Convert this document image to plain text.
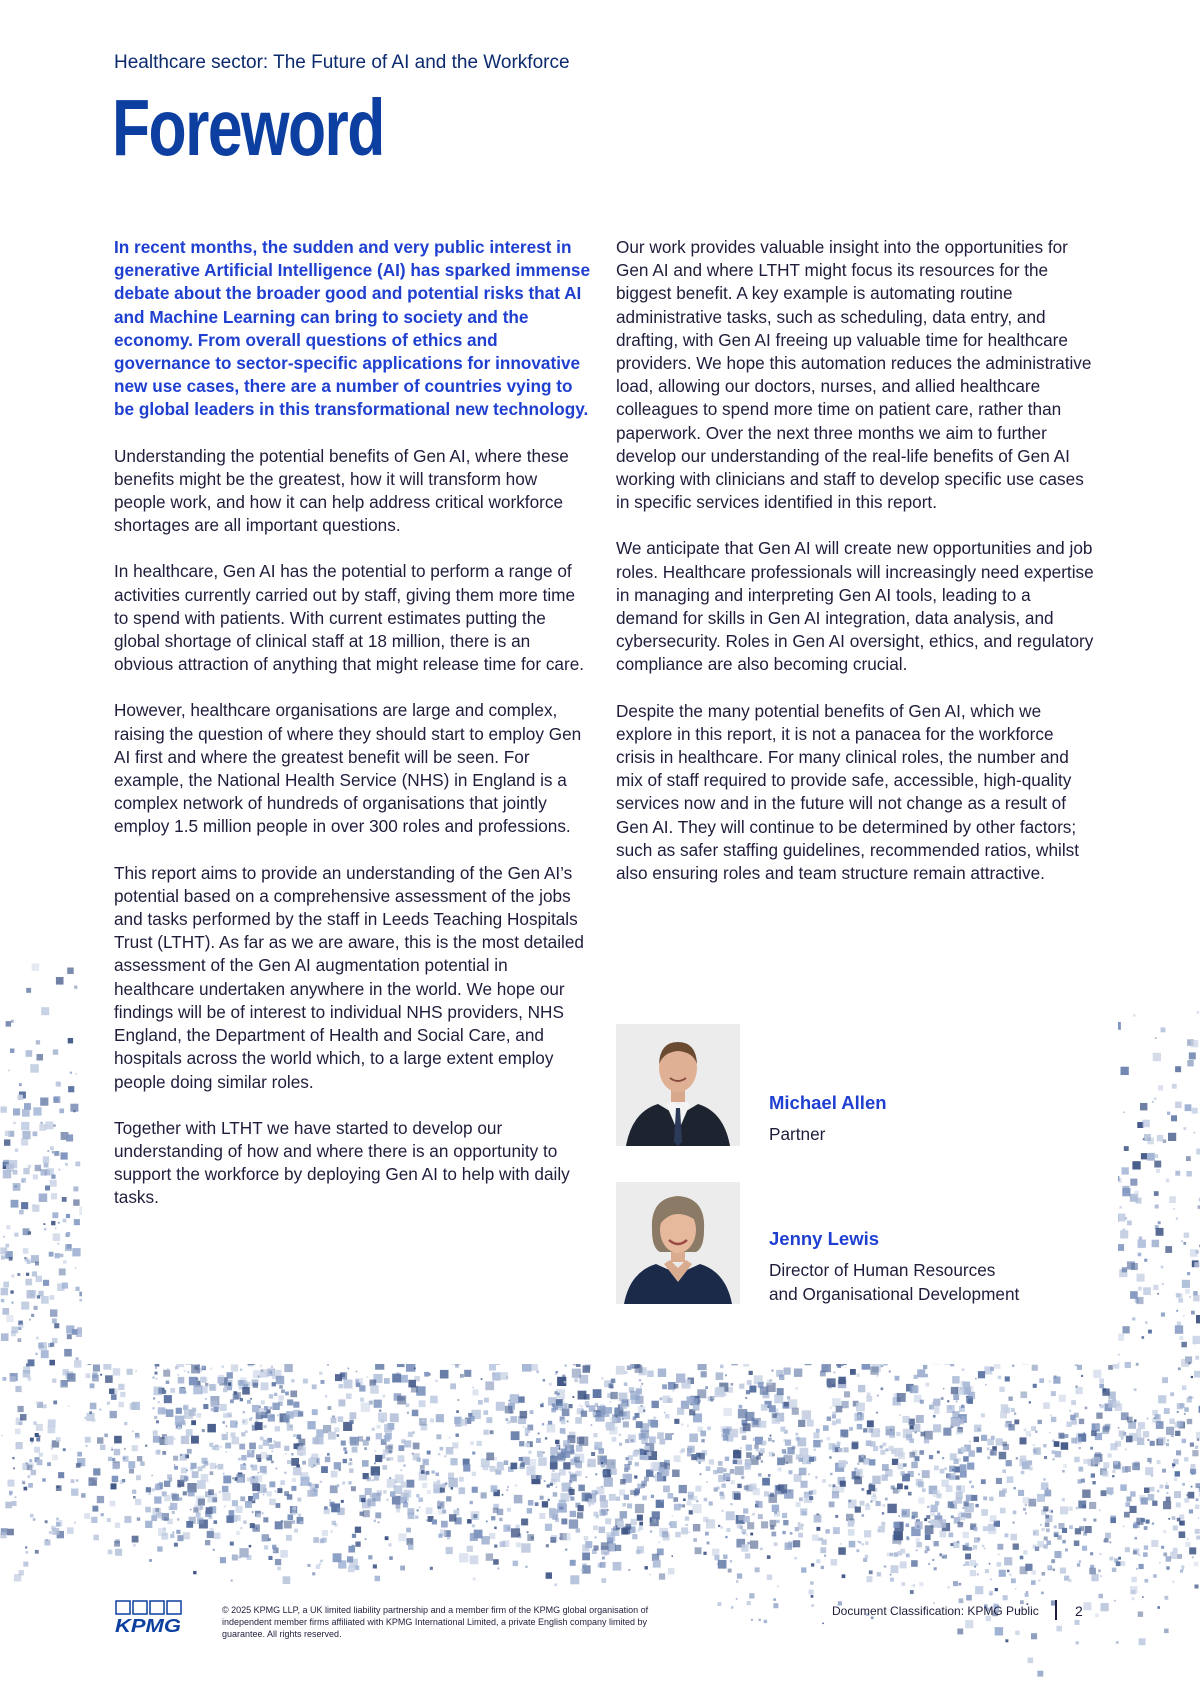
Healthcare sector: The Future of AI and the Workforce

Foreword

In recent months, the sudden and very public interest in generative Artificial Intelligence (AI) has sparked immense debate about the broader good and potential risks that AI and Machine Learning can bring to society and the economy. From overall questions of ethics and governance to sector-specific applications for innovative new use cases, there are a number of countries vying to be global leaders in this transformational new technology.

Understanding the potential benefits of Gen AI, where these benefits might be the greatest, how it will transform how people work, and how it can help address critical workforce shortages are all important questions.

In healthcare, Gen AI has the potential to perform a range of activities currently carried out by staff, giving them more time to spend with patients. With current estimates putting the global shortage of clinical staff at 18 million, there is an obvious attraction of anything that might release time for care.

However, healthcare organisations are large and complex, raising the question of where they should start to employ Gen AI first and where the greatest benefit will be seen. For example, the National Health Service (NHS) in England is a complex network of hundreds of organisations that jointly employ 1.5 million people in over 300 roles and professions.

This report aims to provide an understanding of the Gen AI’s potential based on a comprehensive assessment of the jobs and tasks performed by the staff in Leeds Teaching Hospitals Trust (LTHT). As far as we are aware, this is the most detailed assessment of the Gen AI augmentation potential in healthcare undertaken anywhere in the world. We hope our findings will be of interest to individual NHS providers, NHS England, the Department of Health and Social Care, and hospitals across the world which, to a large extent employ people doing similar roles.

Together with LTHT we have started to develop our understanding of how and where there is an opportunity to support the workforce by deploying Gen AI to help with daily tasks.

Our work provides valuable insight into the opportunities for Gen AI and where LTHT might focus its resources for the biggest benefit. A key example is automating routine administrative tasks, such as scheduling, data entry, and drafting, with Gen AI freeing up valuable time for healthcare providers. We hope this automation reduces the administrative load, allowing our doctors, nurses, and allied healthcare colleagues to spend more time on patient care, rather than paperwork. Over the next three months we aim to further develop our understanding of the real-life benefits of Gen AI working with clinicians and staff to develop specific use cases in specific services identified in this report.

We anticipate that Gen AI will create new opportunities and job roles. Healthcare professionals will increasingly need expertise in managing and interpreting Gen AI tools, leading to a demand for skills in Gen AI integration, data analysis, and cybersecurity. Roles in Gen AI oversight, ethics, and regulatory compliance are also becoming crucial.

Despite the many potential benefits of Gen AI, which we explore in this report, it is not a panacea for the workforce crisis in healthcare. For many clinical roles, the number and mix of staff required to provide safe, accessible, high-quality services now and in the future will not change as a result of Gen AI. They will continue to be determined by other factors; such as safer staffing guidelines, recommended ratios, whilst also ensuring roles and team structure remain attractive.

Michael Allen

Partner

Jenny Lewis

Director of Human Resources

and Organisational Development

KPMG

© 2025 KPMG LLP, a UK limited liability partnership and a member firm of the KPMG global organisation of independent member firms affiliated with KPMG International Limited, a private English company limited by guarantee. All rights reserved.

Document Classification: KPMG Public	2
